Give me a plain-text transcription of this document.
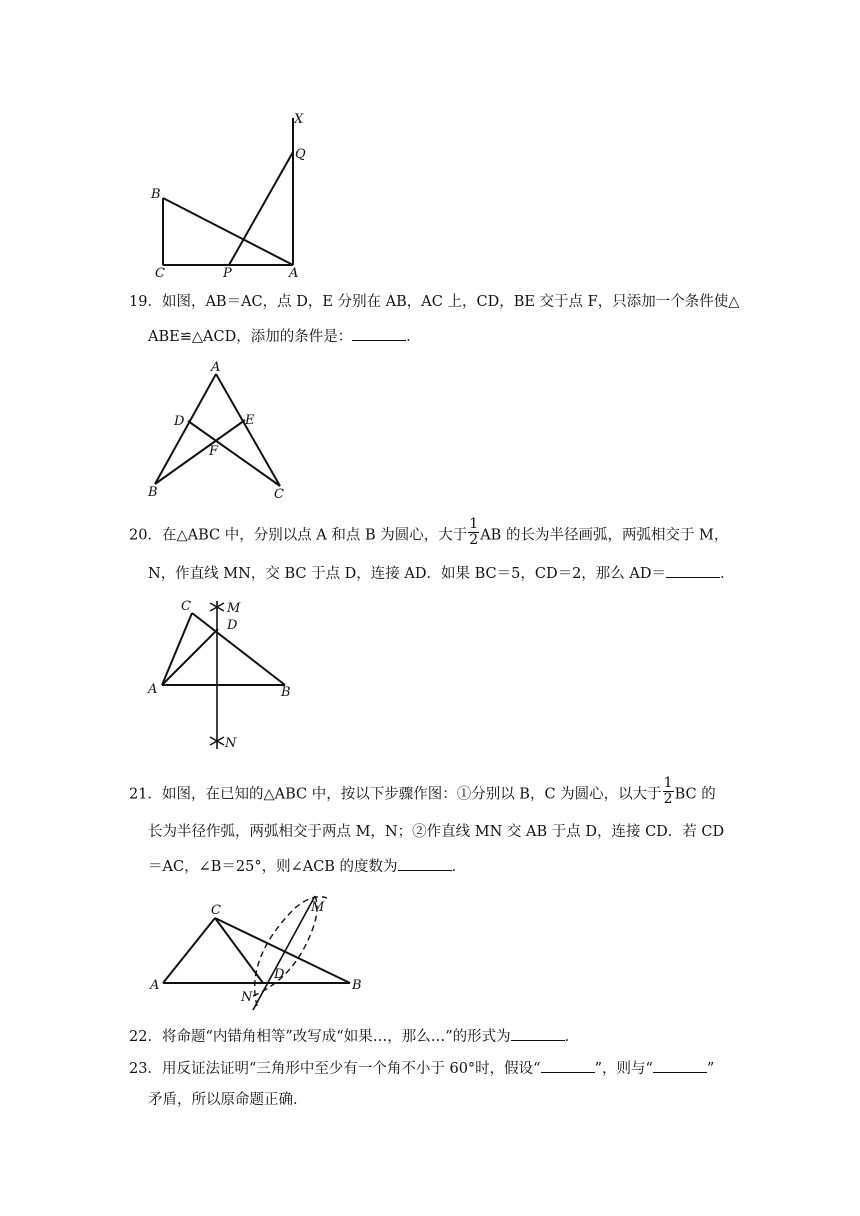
X
Q
B
C	P	A
19．如图，AB＝AC，点 D，E 分别在 AB，AC 上，CD，BE 交于点 F，只添加一个条件使△
ABE≌△ACD，添加的条件是：	．
A
D	E
F
B	C
20．在△ABC 中，分别以点 A 和点 B 为圆心，大于 $\frac{1}{2}$ AB 的长为半径画弧，两弧相交于 M，
N，作直线 MN，交 BC 于点 D，连接 AD．如果 BC＝5，CD＝2，那么 AD＝	．
C	M
D
A	B
N
21．如图，在已知的△ABC 中，按以下步骤作图：①分别以 B，C 为圆心，以大于 $\frac{1}{2}$ BC 的
长为半径作弧，两弧相交于两点 M，N；②作直线 MN 交 AB 于点 D，连接 CD．若 CD
＝AC，∠B＝25°，则∠ACB 的度数为	．
C	M
D
A	B
N
22．将命题“内错角相等”改写成“如果…，那么…”的形式为	．
23．用反证法证明“三角形中至少有一个角不小于 60°时，假设“	”，则与“	”
矛盾，所以原命题正确．
